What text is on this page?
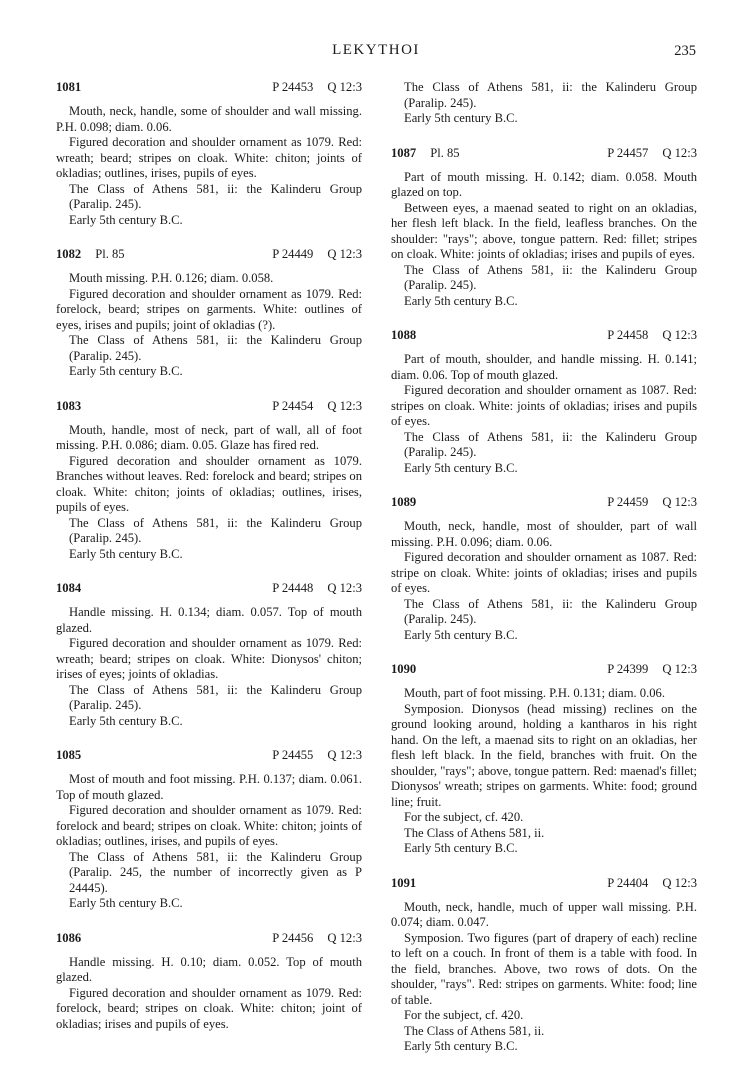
LEKYTHOI	235
1081	P 24453 Q 12:3

Mouth, neck, handle, some of shoulder and wall missing. P.H. 0.098; diam. 0.06.

Figured decoration and shoulder ornament as 1079. Red: wreath; beard; stripes on cloak. White: chiton; joints of okladias; outlines, irises, pupils of eyes.

The Class of Athens 581, ii: the Kalinderu Group (Paralip. 245).

Early 5th century B.C.

1082 Pl. 85	P 24449 Q 12:3

Mouth missing. P.H. 0.126; diam. 0.058.

Figured decoration and shoulder ornament as 1079. Red: forelock, beard; stripes on garments. White: outlines of eyes, irises and pupils; joint of okladias (?).

The Class of Athens 581, ii: the Kalinderu Group (Paralip. 245).

Early 5th century B.C.

1083	P 24454 Q 12:3

Mouth, handle, most of neck, part of wall, all of foot missing. P.H. 0.086; diam. 0.05. Glaze has fired red.

Figured decoration and shoulder ornament as 1079. Branches without leaves. Red: forelock and beard; stripes on cloak. White: chiton; joints of okladias; outlines, irises, pupils of eyes.

The Class of Athens 581, ii: the Kalinderu Group (Paralip. 245).

Early 5th century B.C.

1084	P 24448 Q 12:3

Handle missing. H. 0.134; diam. 0.057. Top of mouth glazed.

Figured decoration and shoulder ornament as 1079. Red: wreath; beard; stripes on cloak. White: Dionysos' chiton; irises of eyes; joints of okladias.

The Class of Athens 581, ii: the Kalinderu Group (Paralip. 245).

Early 5th century B.C.

1085	P 24455 Q 12:3

Most of mouth and foot missing. P.H. 0.137; diam. 0.061. Top of mouth glazed.

Figured decoration and shoulder ornament as 1079. Red: forelock and beard; stripes on cloak. White: chiton; joints of okladias; outlines, irises, and pupils of eyes.

The Class of Athens 581, ii: the Kalinderu Group (Paralip. 245, the number of incorrectly given as P 24445).

Early 5th century B.C.

1086	P 24456 Q 12:3

Handle missing. H. 0.10; diam. 0.052. Top of mouth glazed.

Figured decoration and shoulder ornament as 1079. Red: forelock, beard; stripes on cloak. White: chiton; joint of okladias; irises and pupils of eyes.

The Class of Athens 581, ii: the Kalinderu Group (Paralip. 245).

Early 5th century B.C.

1087 Pl. 85	P 24457 Q 12:3

Part of mouth missing. H. 0.142; diam. 0.058. Mouth glazed on top.

Between eyes, a maenad seated to right on an okladias, her flesh left black. In the field, leafless branches. On the shoulder: "rays"; above, tongue pattern. Red: fillet; stripes on cloak. White: joints of okladias; irises and pupils of eyes.

The Class of Athens 581, ii: the Kalinderu Group (Paralip. 245).

Early 5th century B.C.

1088	P 24458 Q 12:3

Part of mouth, shoulder, and handle missing. H. 0.141; diam. 0.06. Top of mouth glazed.

Figured decoration and shoulder ornament as 1087. Red: stripes on cloak. White: joints of okladias; irises and pupils of eyes.

The Class of Athens 581, ii: the Kalinderu Group (Paralip. 245).

Early 5th century B.C.

1089	P 24459 Q 12:3

Mouth, neck, handle, most of shoulder, part of wall missing. P.H. 0.096; diam. 0.06.

Figured decoration and shoulder ornament as 1087. Red: stripe on cloak. White: joints of okladias; irises and pupils of eyes.

The Class of Athens 581, ii: the Kalinderu Group (Paralip. 245).

Early 5th century B.C.

1090	P 24399 Q 12:3

Mouth, part of foot missing. P.H. 0.131; diam. 0.06.

Symposion. Dionysos (head missing) reclines on the ground looking around, holding a kantharos in his right hand. On the left, a maenad sits to right on an okladias, her flesh left black. In the field, branches with fruit. On the shoulder, "rays"; above, tongue pattern. Red: maenad's fillet; Dionysos' wreath; stripes on garments. White: food; ground line; fruit.

For the subject, cf. 420.

The Class of Athens 581, ii.

Early 5th century B.C.

1091	P 24404 Q 12:3

Mouth, neck, handle, much of upper wall missing. P.H. 0.074; diam. 0.047.

Symposion. Two figures (part of drapery of each) recline to left on a couch. In front of them is a table with food. In the field, branches. Above, two rows of dots. On the shoulder, "rays". Red: stripes on garments. White: food; line of table.

For the subject, cf. 420.

The Class of Athens 581, ii.

Early 5th century B.C.
